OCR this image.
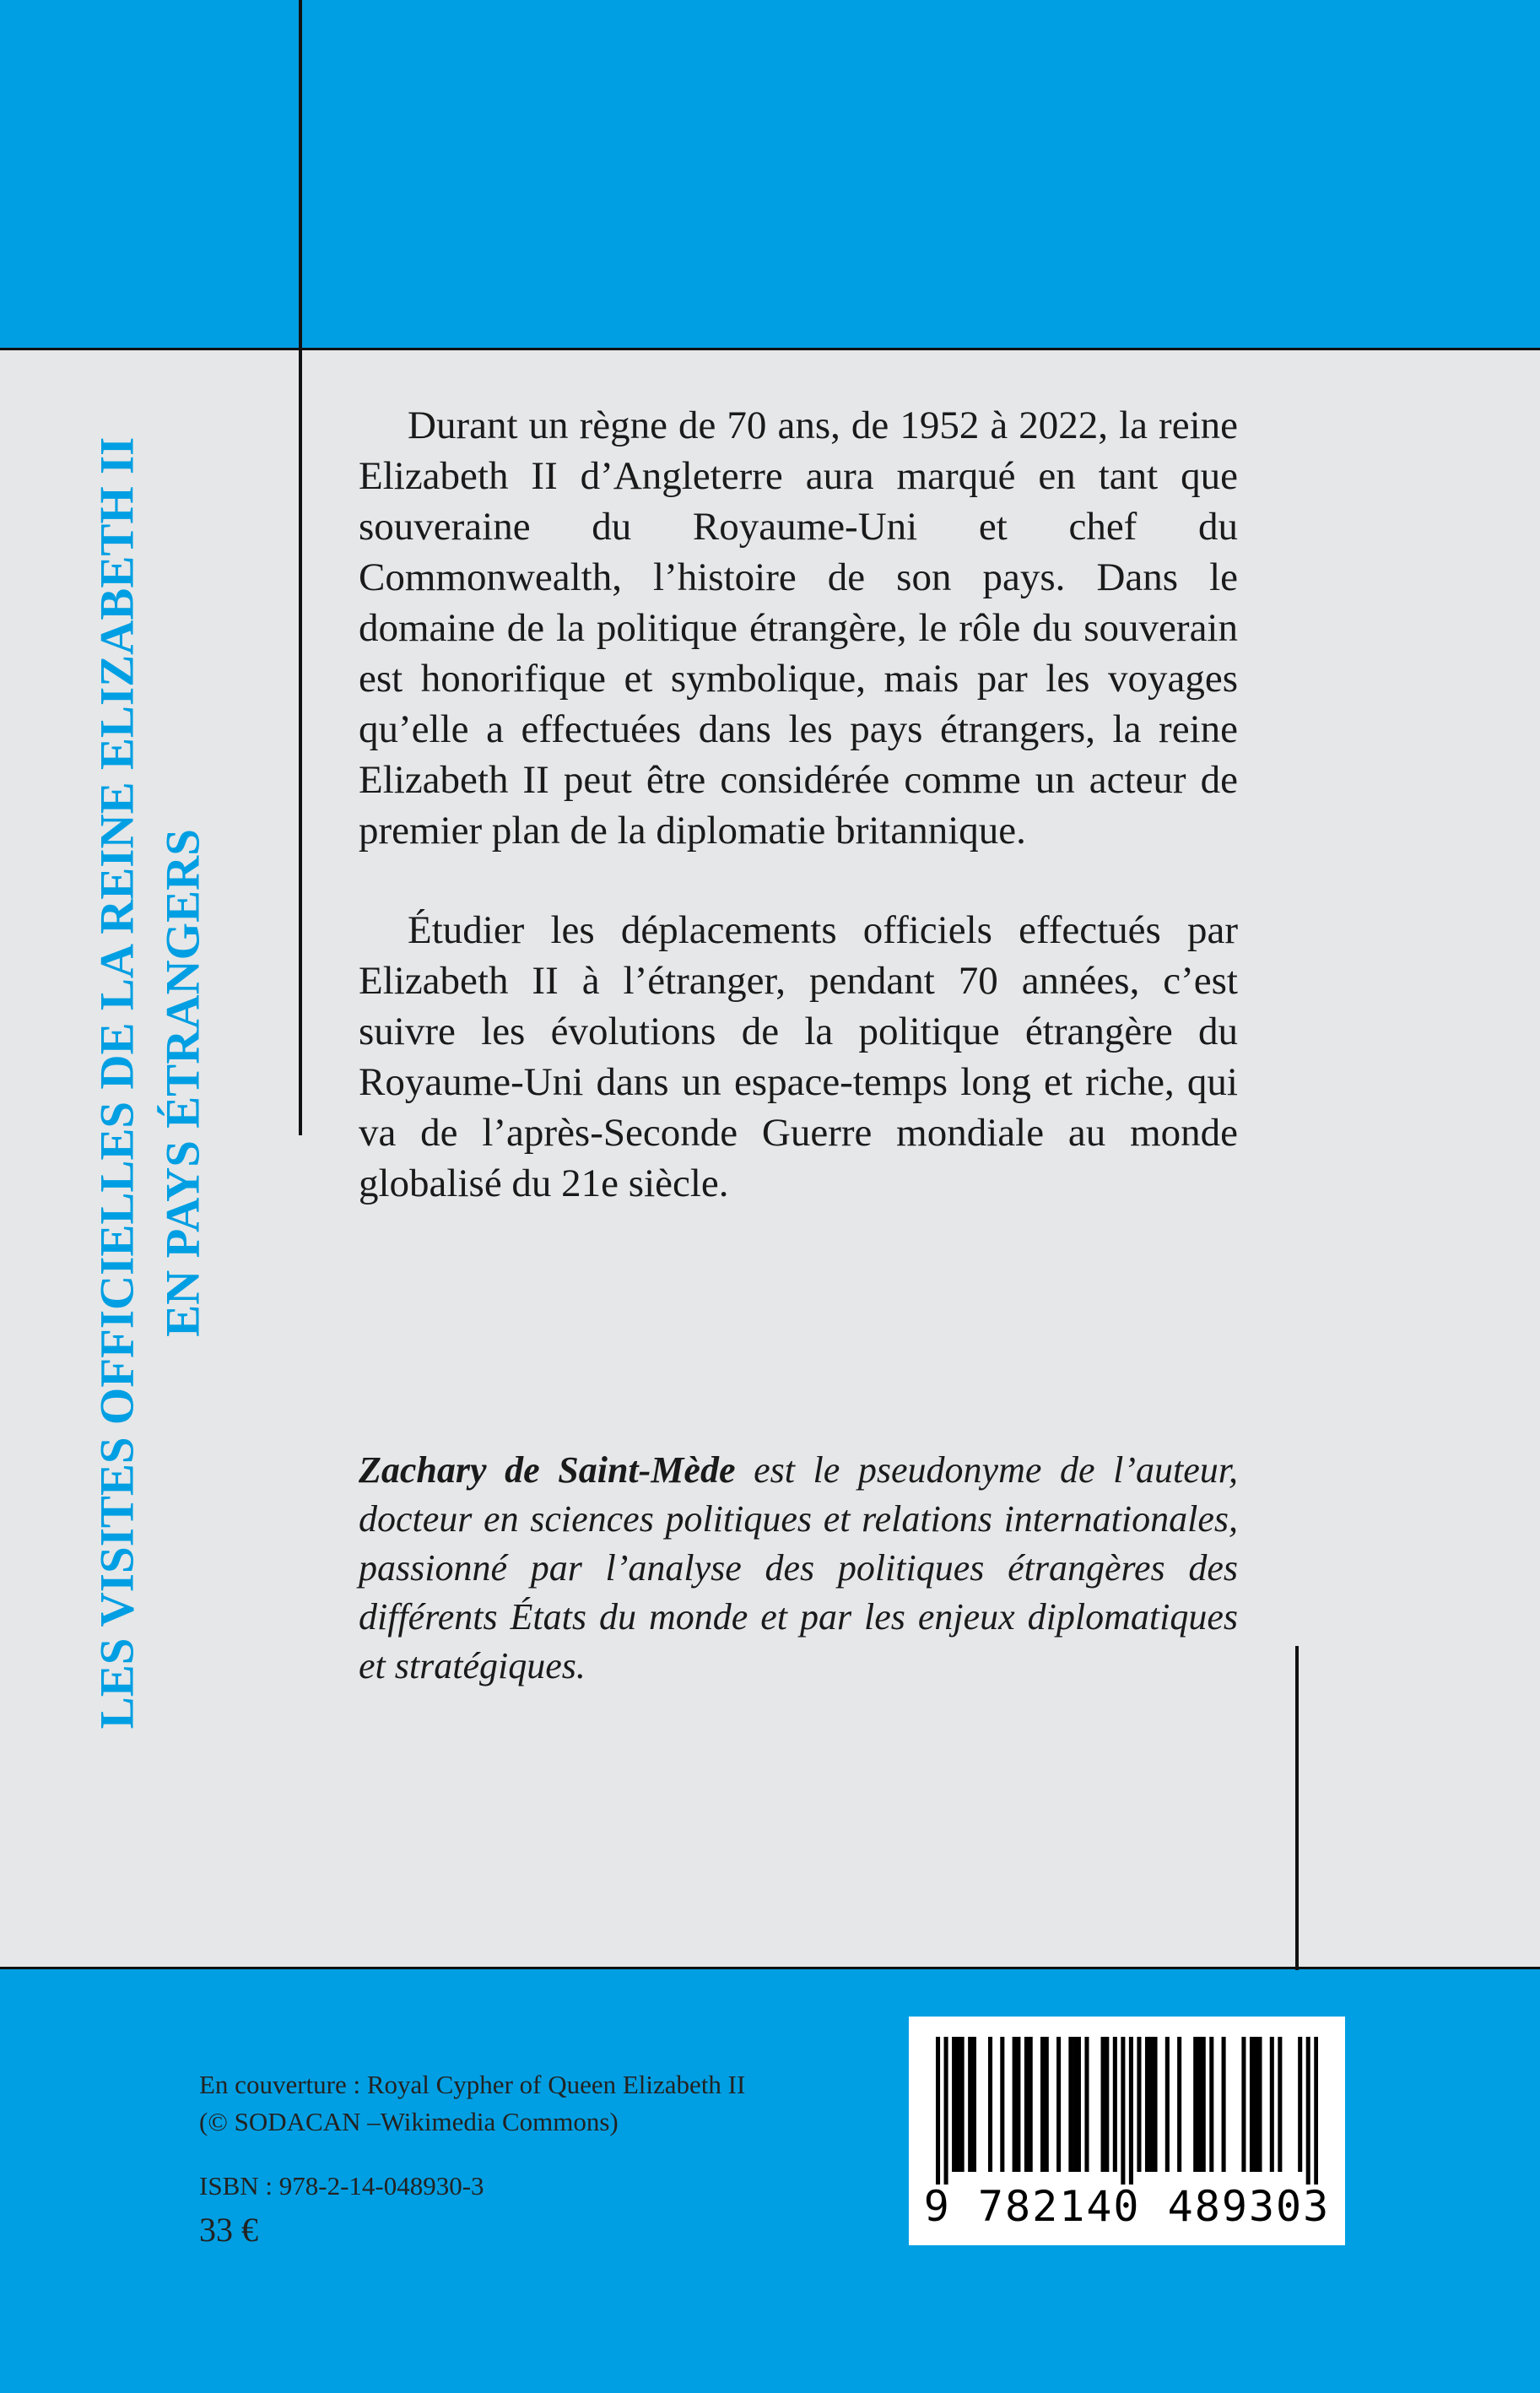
LES VISITES OFFICIELLES DE LA REINE ELIZABETH II EN PAYS ÉTRANGERS

Durant un règne de 70 ans, de 1952 à 2022, la reine Elizabeth II d’Angleterre aura marqué en tant que souveraine du Royaume-Uni et chef du Commonwealth, l’histoire de son pays. Dans le domaine de la politique étrangère, le rôle du souverain est honorifique et symbolique, mais par les voyages qu’elle a effectuées dans les pays étrangers, la reine Elizabeth II peut être considérée comme un acteur de premier plan de la diplomatie britannique.

Étudier les déplacements officiels effectués par Elizabeth II à l’étranger, pendant 70 années, c’est suivre les évolutions de la politique étrangère du Royaume-Uni dans un espace-temps long et riche, qui va de l’après-Seconde Guerre mondiale au monde globalisé du 21e siècle.

Zachary de Saint-Mède est le pseudonyme de l’auteur, docteur en sciences politiques et relations internationales, passionné par l’analyse des politiques étrangères des différents États du monde et par les enjeux diplomatiques et stratégiques.
En couverture : Royal Cypher of Queen Elizabeth II
(© SODACAN –Wikimedia Commons)
ISBN : 978-2-14-048930-3
33 €	9 782140 489303
